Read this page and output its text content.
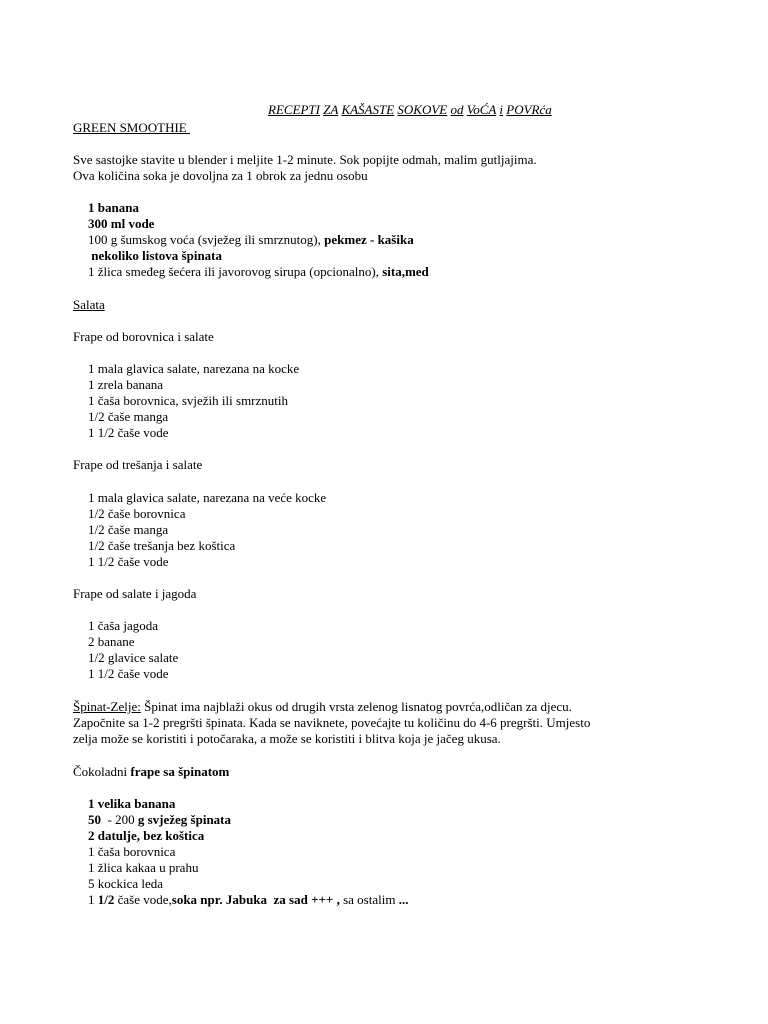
RECEPTI ZA KAŠASTE SOKOVE od VoĆA i POVRća

GREEN SMOOTHIE
Sve sastojke stavite u blender i meljite 1-2 minute. Sok popijte odmah, malim gutljajima.
Ova količina soka je dovoljna za 1 obrok za jednu osobu
1 banana
300 ml vode
100 g šumskog voća (svježeg ili smrznutog), pekmez - kašika
nekoliko listova špinata
1 žlica smeđeg šećera ili javorovog sirupa (opcionalno), sita,med
Salata
Frape od borovnica i salate
1 mala glavica salate, narezana na kocke
1 zrela banana
1 čaša borovnica, svježih ili smrznutih
1/2 čaše manga
1 1/2 čaše vode
Frape od trešanja i salate
1 mala glavica salate, narezana na veće kocke
1/2 čaše borovnica
1/2 čaše manga
1/2 čaše trešanja bez koštica
1 1/2 čaše vode
Frape od salate i jagoda
1 čaša jagoda
2 banane
1/2 glavice salate
1 1/2 čaše vode
Špinat-Zelje: Špinat ima najblaži okus od drugih vrsta zelenog lisnatog povrća,odličan za djecu.
Započnite sa 1-2 pregršti špinata. Kada se naviknete, povećajte tu količinu do 4-6 pregršti. Umjesto
zelja može se koristiti i potočaraka, a može se koristiti i blitva koja je jačeg ukusa.
Čokoladni frape sa špinatom
1 velika banana
50  - 200 g svježeg špinata
2 datulje, bez koštica
1 čaša borovnica
1 žlica kakaa u prahu
5 kockica leda
1 1/2 čaše vode,soka npr. Jabuka  za sad +++ , sa ostalim ...
